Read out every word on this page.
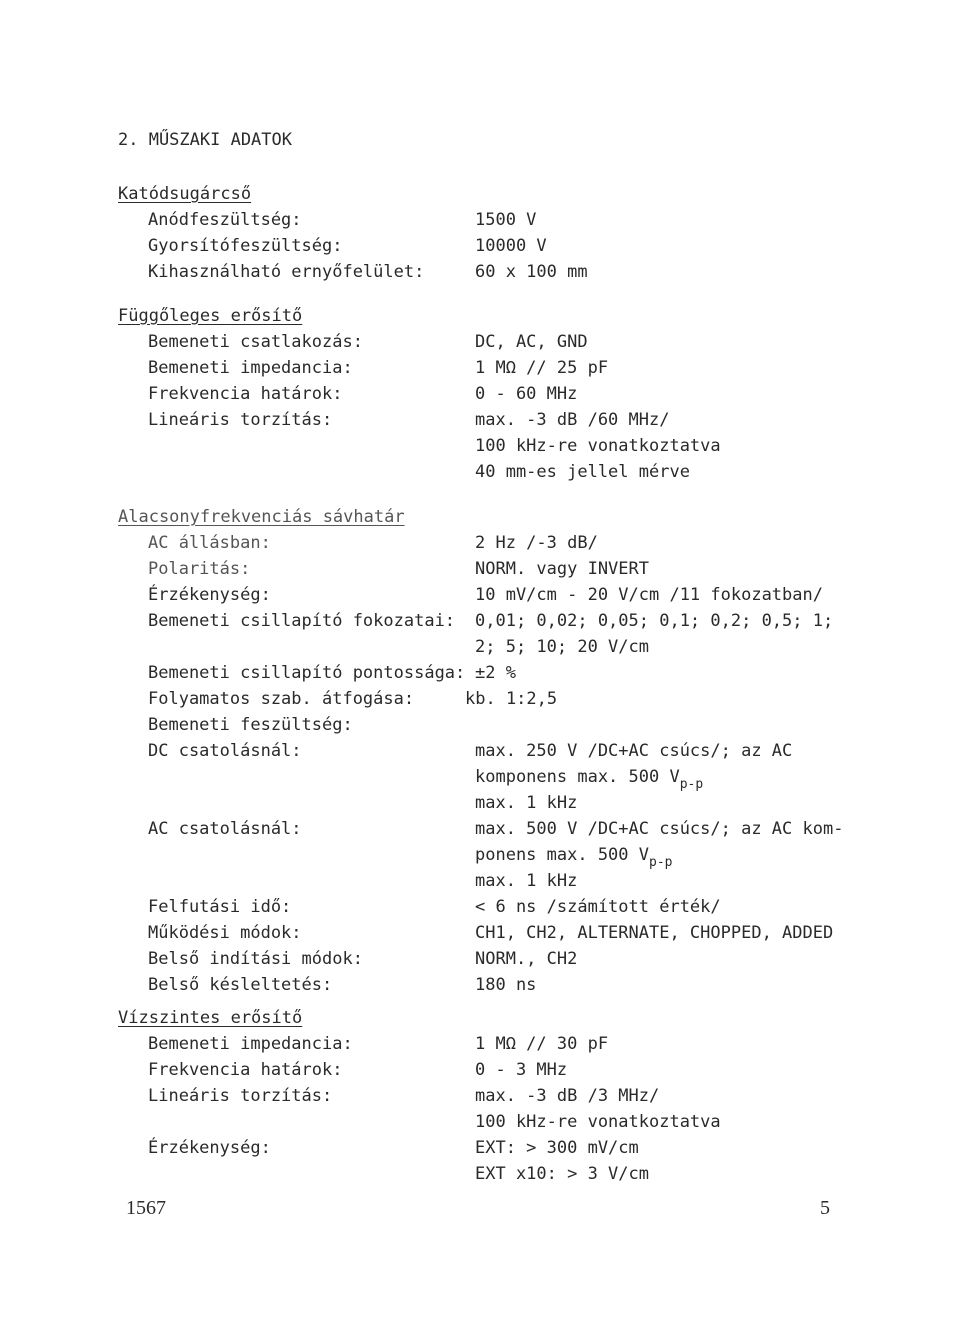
2. MŰSZAKI ADATOK
Katódsugárcső
Anódfeszültség:	1500 V
Gyorsítófeszültség:	10000 V
Kihasználható ernyőfelület:	60 x 100 mm
Függőleges erősítő
Bemeneti csatlakozás:	DC, AC, GND
Bemeneti impedancia:	1 MΩ // 25 pF
Frekvencia határok:	0 - 60 MHz
Lineáris torzítás:	max. -3 dB /60 MHz/
100 kHz-re vonatkoztatva
40 mm-es jellel mérve
Alacsonyfrekvenciás sávhatár
AC állásban:	2 Hz /-3 dB/
Polaritás:	NORM. vagy INVERT
Érzékenység:	10 mV/cm - 20 V/cm /11 fokozatban/
Bemeneti csillapító fokozatai: 0,01; 0,02; 0,05; 0,1; 0,2; 0,5; 1;
2; 5; 10; 20 V/cm
Bemeneti csillapító pontossága: ±2 %
Folyamatos szab. átfogása:	kb. 1:2,5
Bemeneti feszültség:
DC csatolásnál:	max. 250 V /DC+AC csúcs/; az AC
komponens max. 500 $V_{p-p}$
max. 1 kHz
AC csatolásnál:	max. 500 V /DC+AC csúcs/; az AC kom-
ponens max. 500 $V_{p-p}$
max. 1 kHz
Felfutási idő:	< 6 ns /számított érték/
Működési módok:	CH1, CH2, ALTERNATE, CHOPPED, ADDED
Belső indítási módok:	NORM., CH2
Belső késleltetés:	180 ns
Vízszintes erősítő
Bemeneti impedancia:	1 MΩ // 30 pF
Frekvencia határok:	0 - 3 MHz
Lineáris torzítás:	max. -3 dB /3 MHz/
100 kHz-re vonatkoztatva
Érzékenység:	EXT: > 300 mV/cm
EXT x10: > 3 V/cm
1567	5
